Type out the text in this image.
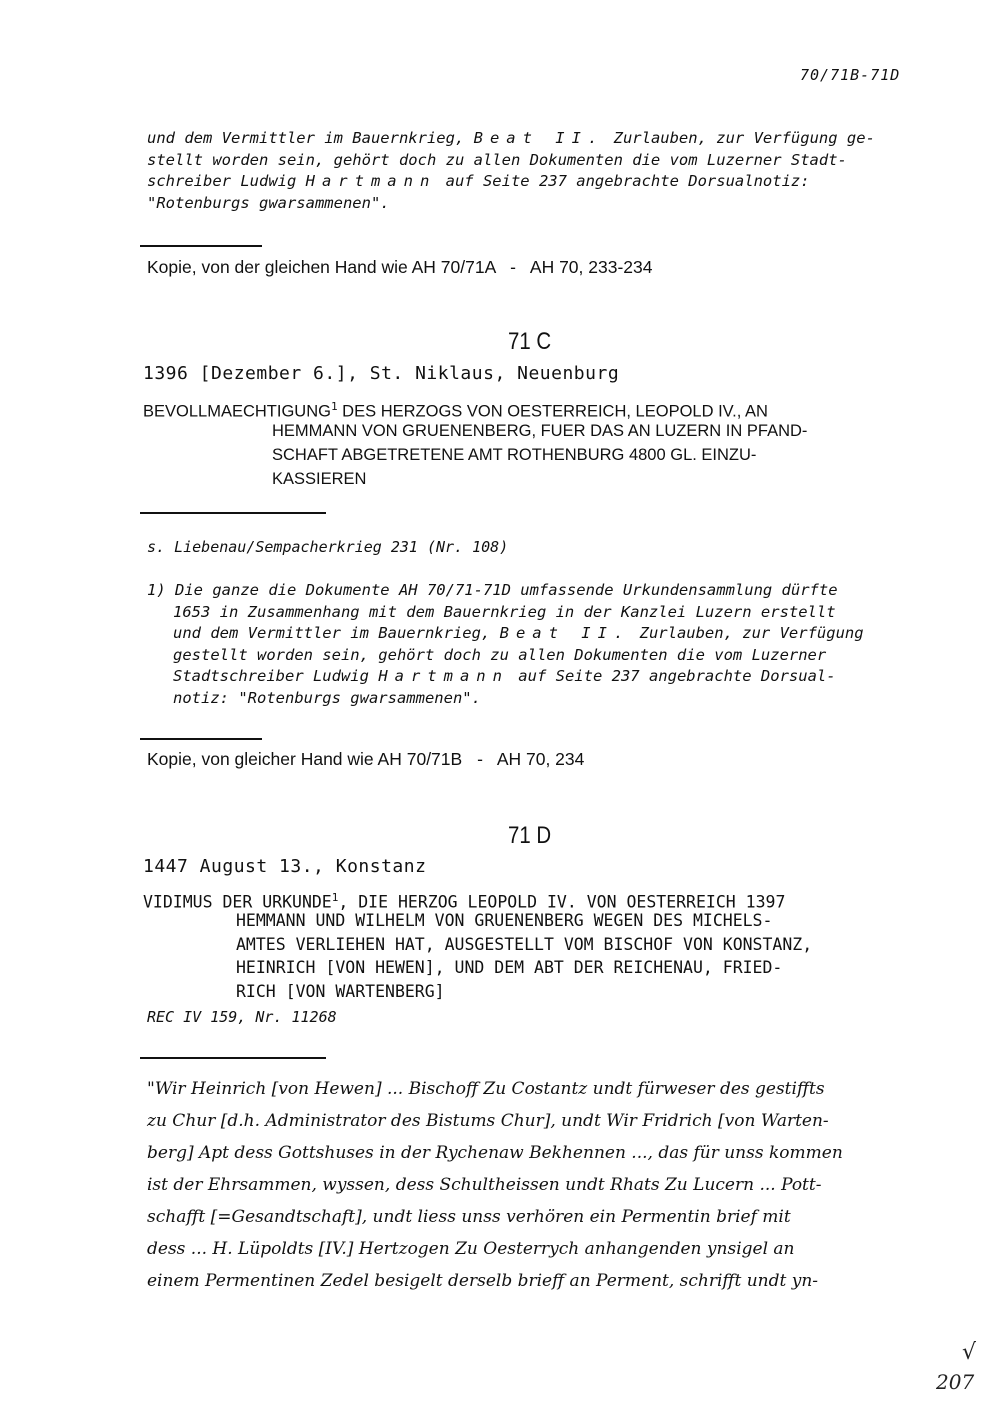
70/71B-71D
und dem Vermittler im Bauernkrieg, Beat II. Zurlauben, zur Verfügung ge-
stellt worden sein, gehört doch zu allen Dokumenten die vom Luzerner Stadt-
schreiber Ludwig Hartmann auf Seite 237 angebrachte Dorsualnotiz:
"Rotenburgs gwarsammenen".
Kopie, von der gleichen Hand wie AH 70/71A - AH 70, 233-234
71 C
1396 [Dezember 6.], St. Niklaus, Neuenburg
BEVOLLMAECHTIGUNG$^1$ DES HERZOGS VON OESTERREICH, LEOPOLD IV., AN
HEMMANN VON GRUENENBERG, FUER DAS AN LUZERN IN PFAND-
SCHAFT ABGETRETENE AMT ROTHENBURG 4800 GL. EINZU-
KASSIEREN
s. Liebenau/Sempacherkrieg 231 (Nr. 108)
1) Die ganze die Dokumente AH 70/71-71D umfassende Urkundensammlung dürfte
1653 in Zusammenhang mit dem Bauernkrieg in der Kanzlei Luzern erstellt
und dem Vermittler im Bauernkrieg, Beat II. Zurlauben, zur Verfügung
gestellt worden sein, gehört doch zu allen Dokumenten die vom Luzerner
Stadtschreiber Ludwig Hartmann auf Seite 237 angebrachte Dorsual-
notiz: "Rotenburgs gwarsammenen".
Kopie, von gleicher Hand wie AH 70/71B - AH 70, 234
71 D
1447 August 13., Konstanz
VIDIMUS DER URKUNDE$^1$, DIE HERZOG LEOPOLD IV. VON OESTERREICH 1397
HEMMANN UND WILHELM VON GRUENENBERG WEGEN DES MICHELS-
AMTES VERLIEHEN HAT, AUSGESTELLT VOM BISCHOF VON KONSTANZ,
HEINRICH [VON HEWEN], UND DEM ABT DER REICHENAU, FRIED-
RICH [VON WARTENBERG]
REC IV 159, Nr. 11268
"Wir Heinrich [von Hewen] ... Bischoff Zu Costantz undt fürweser des gestiffts
zu Chur [d.h. Administrator des Bistums Chur], undt Wir Fridrich [von Warten-
berg] Apt dess Gottshuses in der Rychenaw Bekhennen ..., das für unss kommen
ist der Ehrsammen, wyssen, dess Schultheissen undt Rhats Zu Lucern ... Pott-
schafft [=Gesandtschaft], undt liess unss verhören ein Permentin brief mit
dess ... H. Lüpoldts [IV.] Hertzogen Zu Oesterrych anhangenden ynsigel an
einem Permentinen Zedel besigelt derselb brieff an Perment, schrifft undt yn-
√
207
